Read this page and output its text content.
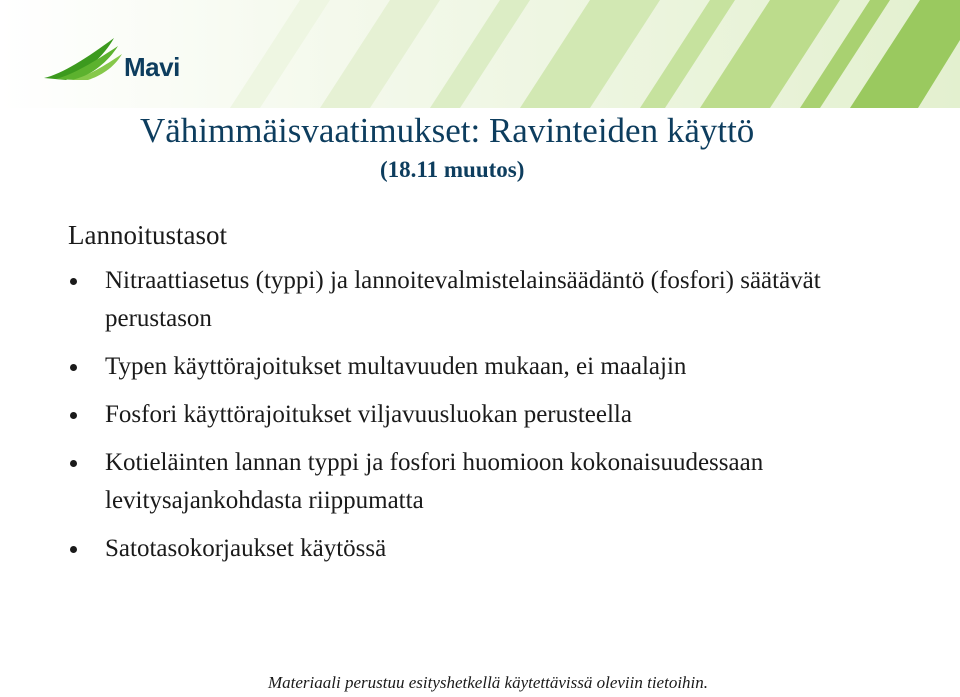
Mavi
Vähimmäisvaatimukset: Ravinteiden käyttö
(18.11 muutos)
Lannoitustasot
Nitraattiasetus (typpi) ja lannoitevalmistelainsäädäntö (fosfori) säätävät perustason
Typen käyttörajoitukset multavuuden mukaan, ei maalajin
Fosfori käyttörajoitukset viljavuusluokan perusteella
Kotieläinten lannan typpi ja fosfori huomioon kokonaisuudessaan levitysajankohdasta riippumatta
Satotasokorjaukset käytössä
Materiaali perustuu esityshetkellä käytettävissä oleviin tietoihin.
